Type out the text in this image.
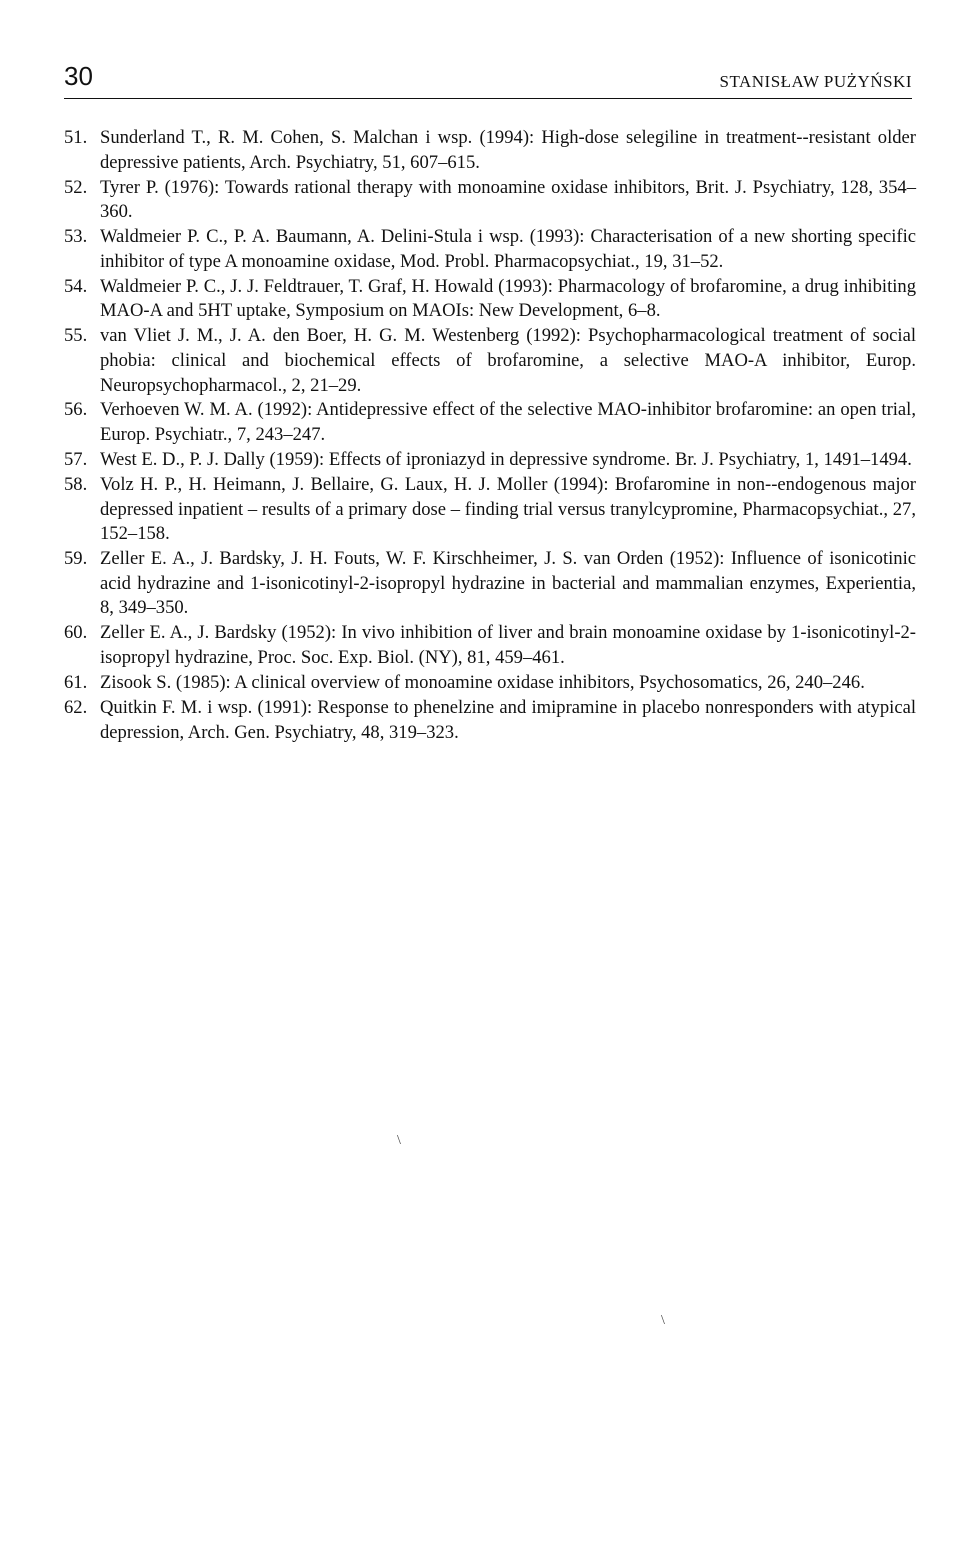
30	STANISŁAW PUŻYŃSKI
51. Sunderland T., R. M. Cohen, S. Malchan i wsp. (1994): High-dose selegiline in treatment--resistant older depressive patients, Arch. Psychiatry, 51, 607–615.
52. Tyrer P. (1976): Towards rational therapy with monoamine oxidase inhibitors, Brit. J. Psychiatry, 128, 354–360.
53. Waldmeier P. C., P. A. Baumann, A. Delini-Stula i wsp. (1993): Characterisation of a new shorting specific inhibitor of type A monoamine oxidase, Mod. Probl. Pharmacopsychiat., 19, 31–52.
54. Waldmeier P. C., J. J. Feldtrauer, T. Graf, H. Howald (1993): Pharmacology of brofaromine, a drug inhibiting MAO-A and 5HT uptake, Symposium on MAOIs: New Development, 6–8.
55. van Vliet J. M., J. A. den Boer, H. G. M. Westenberg (1992): Psychopharmacological treatment of social phobia: clinical and biochemical effects of brofaromine, a selective MAO-A inhibitor, Europ. Neuropsychopharmacol., 2, 21–29.
56. Verhoeven W. M. A. (1992): Antidepressive effect of the selective MAO-inhibitor brofaromine: an open trial, Europ. Psychiatr., 7, 243–247.
57. West E. D., P. J. Dally (1959): Effects of iproniazyd in depressive syndrome. Br. J. Psychiatry, 1, 1491–1494.
58. Volz H. P., H. Heimann, J. Bellaire, G. Laux, H. J. Moller (1994): Brofaromine in non--endogenous major depressed inpatient – results of a primary dose – finding trial versus tranylcypromine, Pharmacopsychiat., 27, 152–158.
59. Zeller E. A., J. Bardsky, J. H. Fouts, W. F. Kirschheimer, J. S. van Orden (1952): Influence of isonicotinic acid hydrazine and 1-isonicotinyl-2-isopropyl hydrazine in bacterial and mammalian enzymes, Experientia, 8, 349–350.
60. Zeller E. A., J. Bardsky (1952): In vivo inhibition of liver and brain monoamine oxidase by 1-isonicotinyl-2-isopropyl hydrazine, Proc. Soc. Exp. Biol. (NY), 81, 459–461.
61. Zisook S. (1985): A clinical overview of monoamine oxidase inhibitors, Psychosomatics, 26, 240–246.
62. Quitkin F. M. i wsp. (1991): Response to phenelzine and imipramine in placebo nonresponders with atypical depression, Arch. Gen. Psychiatry, 48, 319–323.
\
\
